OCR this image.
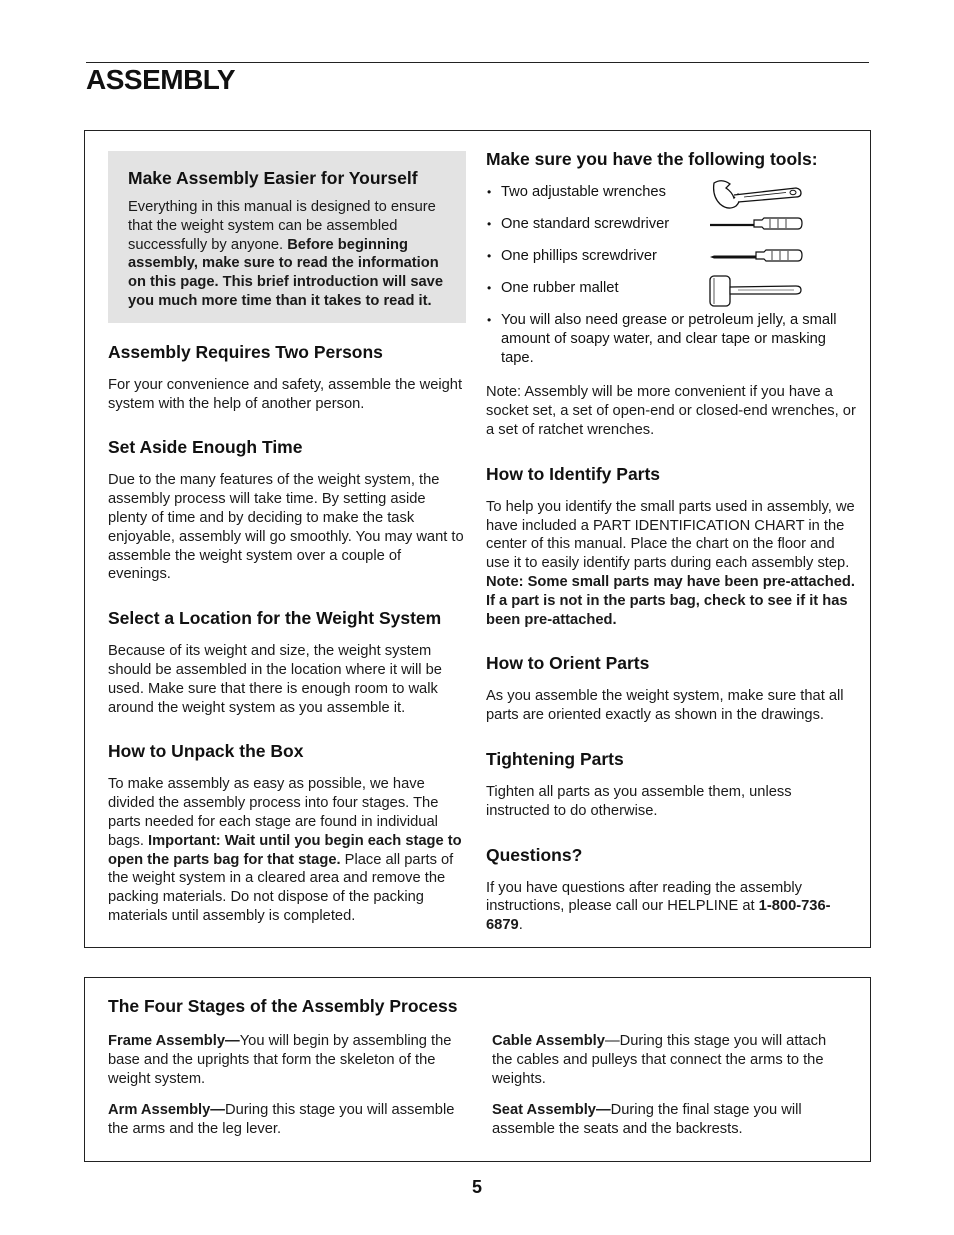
ASSEMBLY
Make Assembly Easier for Yourself

Everything in this manual is designed to ensure that the weight system can be assembled successfully by anyone. Before beginning assembly, make sure to read the information on this page. This brief introduction will save you much more time than it takes to read it.

Assembly Requires Two Persons

For your convenience and safety, assemble the weight system with the help of another person.

Set Aside Enough Time

Due to the many features of the weight system, the assembly process will take time. By setting aside plenty of time and by deciding to make the task enjoyable, assembly will go smoothly. You may want to assemble the weight system over a couple of evenings.

Select a Location for the Weight System

Because of its weight and size, the weight system should be assembled in the location where it will be used. Make sure that there is enough room to walk around the weight system as you assemble it.

How to Unpack the Box

To make assembly as easy as possible, we have divided the assembly process into four stages. The parts needed for each stage are found in individual bags. Important: Wait until you begin each stage to open the parts bag for that stage. Place all parts of the weight system in a cleared area and remove the packing materials. Do not dispose of the packing materials until assembly is completed.

Make sure you have the following tools:
• Two adjustable wrenches
• One standard screwdriver
• One phillips screwdriver
• One rubber mallet
• You will also need grease or petroleum jelly, a small amount of soapy water, and clear tape or masking tape.

Note: Assembly will be more convenient if you have a socket set, a set of open-end or closed-end wrenches, or a set of ratchet wrenches.

How to Identify Parts

To help you identify the small parts used in assembly, we have included a PART IDENTIFICATION CHART in the center of this manual. Place the chart on the floor and use it to easily identify parts during each assembly step. Note: Some small parts may have been pre-attached. If a part is not in the parts bag, check to see if it has been pre-attached.

How to Orient Parts

As you assemble the weight system, make sure that all parts are oriented exactly as shown in the drawings.

Tightening Parts

Tighten all parts as you assemble them, unless instructed to do otherwise.

Questions?

If you have questions after reading the assembly instructions, please call our HELPLINE at 1-800-736-6879.

The Four Stages of the Assembly Process

Frame Assembly—You will begin by assembling the base and the uprights that form the skeleton of the weight system.

Arm Assembly—During this stage you will assemble the arms and the leg lever.

Cable Assembly—During this stage you will attach the cables and pulleys that connect the arms to the weights.

Seat Assembly—During the final stage you will assemble the seats and the backrests.

5
